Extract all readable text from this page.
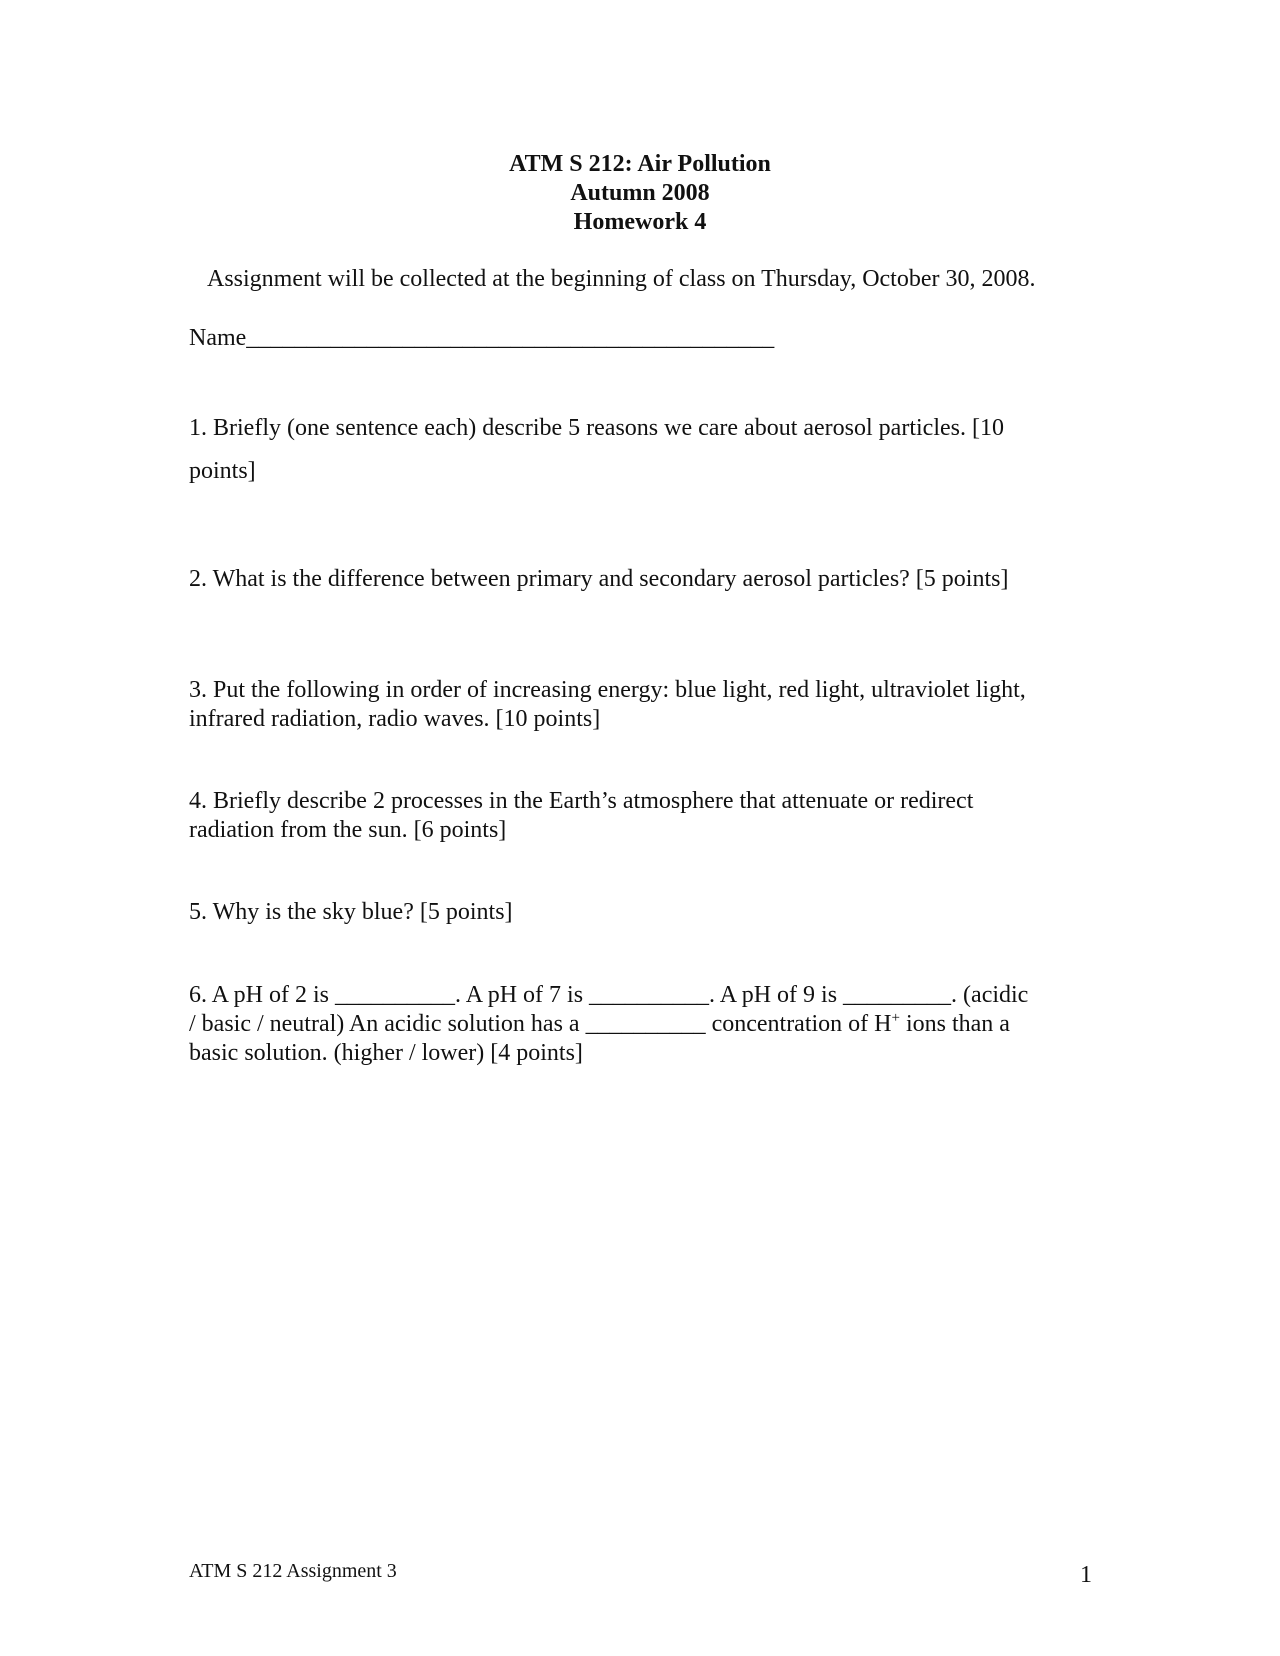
ATM S 212: Air Pollution
Autumn 2008
Homework 4
Assignment will be collected at the beginning of class on Thursday, October 30, 2008.
Name____________________________________________
1. Briefly (one sentence each) describe 5 reasons we care about aerosol particles. [10
points]
2. What is the difference between primary and secondary aerosol particles? [5 points]
3. Put the following in order of increasing energy: blue light, red light, ultraviolet light,
infrared radiation, radio waves. [10 points]
4. Briefly describe 2 processes in the Earth’s atmosphere that attenuate or redirect
radiation from the sun. [6 points]
5. Why is the sky blue? [5 points]
6. A pH of 2 is __________. A pH of 7 is __________. A pH of 9 is _________. (acidic
/ basic / neutral) An acidic solution has a __________ concentration of H+ ions than a
basic solution. (higher / lower) [4 points]
ATM S 212 Assignment 3	1
